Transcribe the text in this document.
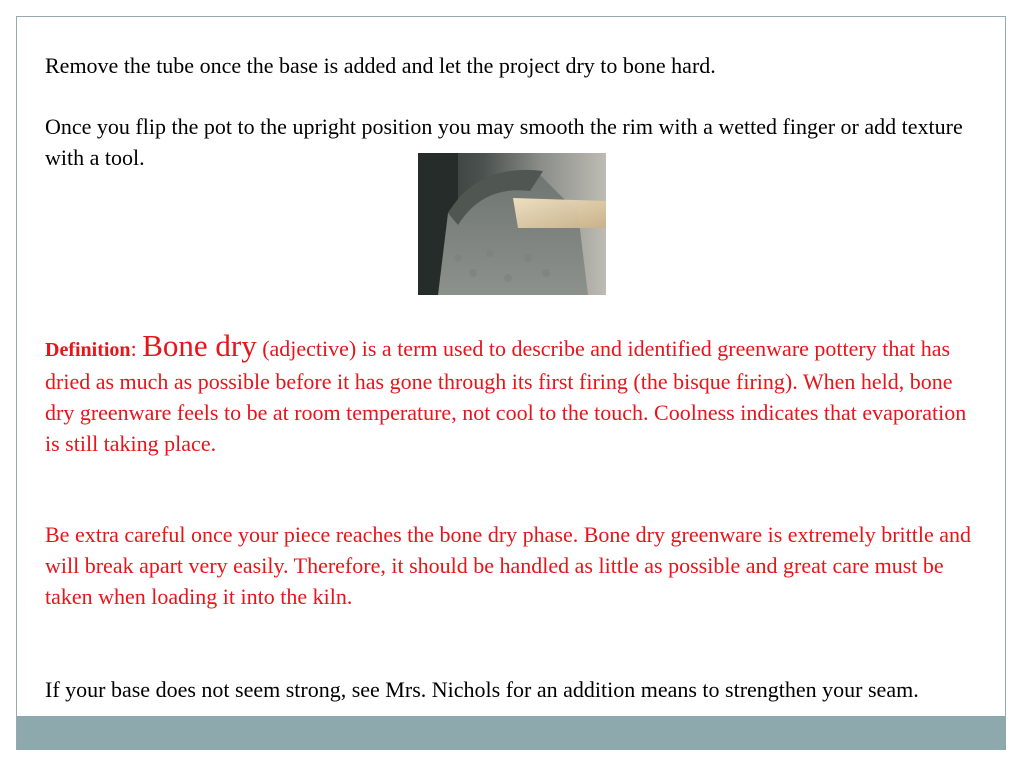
Remove the tube once the base is added and let the project dry to bone hard.

Once you flip the pot to the upright position you may smooth the rim with a wetted finger or add texture with a tool.

Definition: Bone dry (adjective) is a term used to describe and identified greenware pottery that has dried as much as possible before it has gone through its first firing (the bisque firing). When held, bone dry greenware feels to be at room temperature, not cool to the touch. Coolness indicates that evaporation is still taking place.

Be extra careful once your piece reaches the bone dry phase. Bone dry greenware is extremely brittle and will break apart very easily. Therefore, it should be handled as little as possible and great care must be taken when loading it into the kiln.

If your base does not seem strong, see Mrs. Nichols for an addition means to strengthen your seam.
